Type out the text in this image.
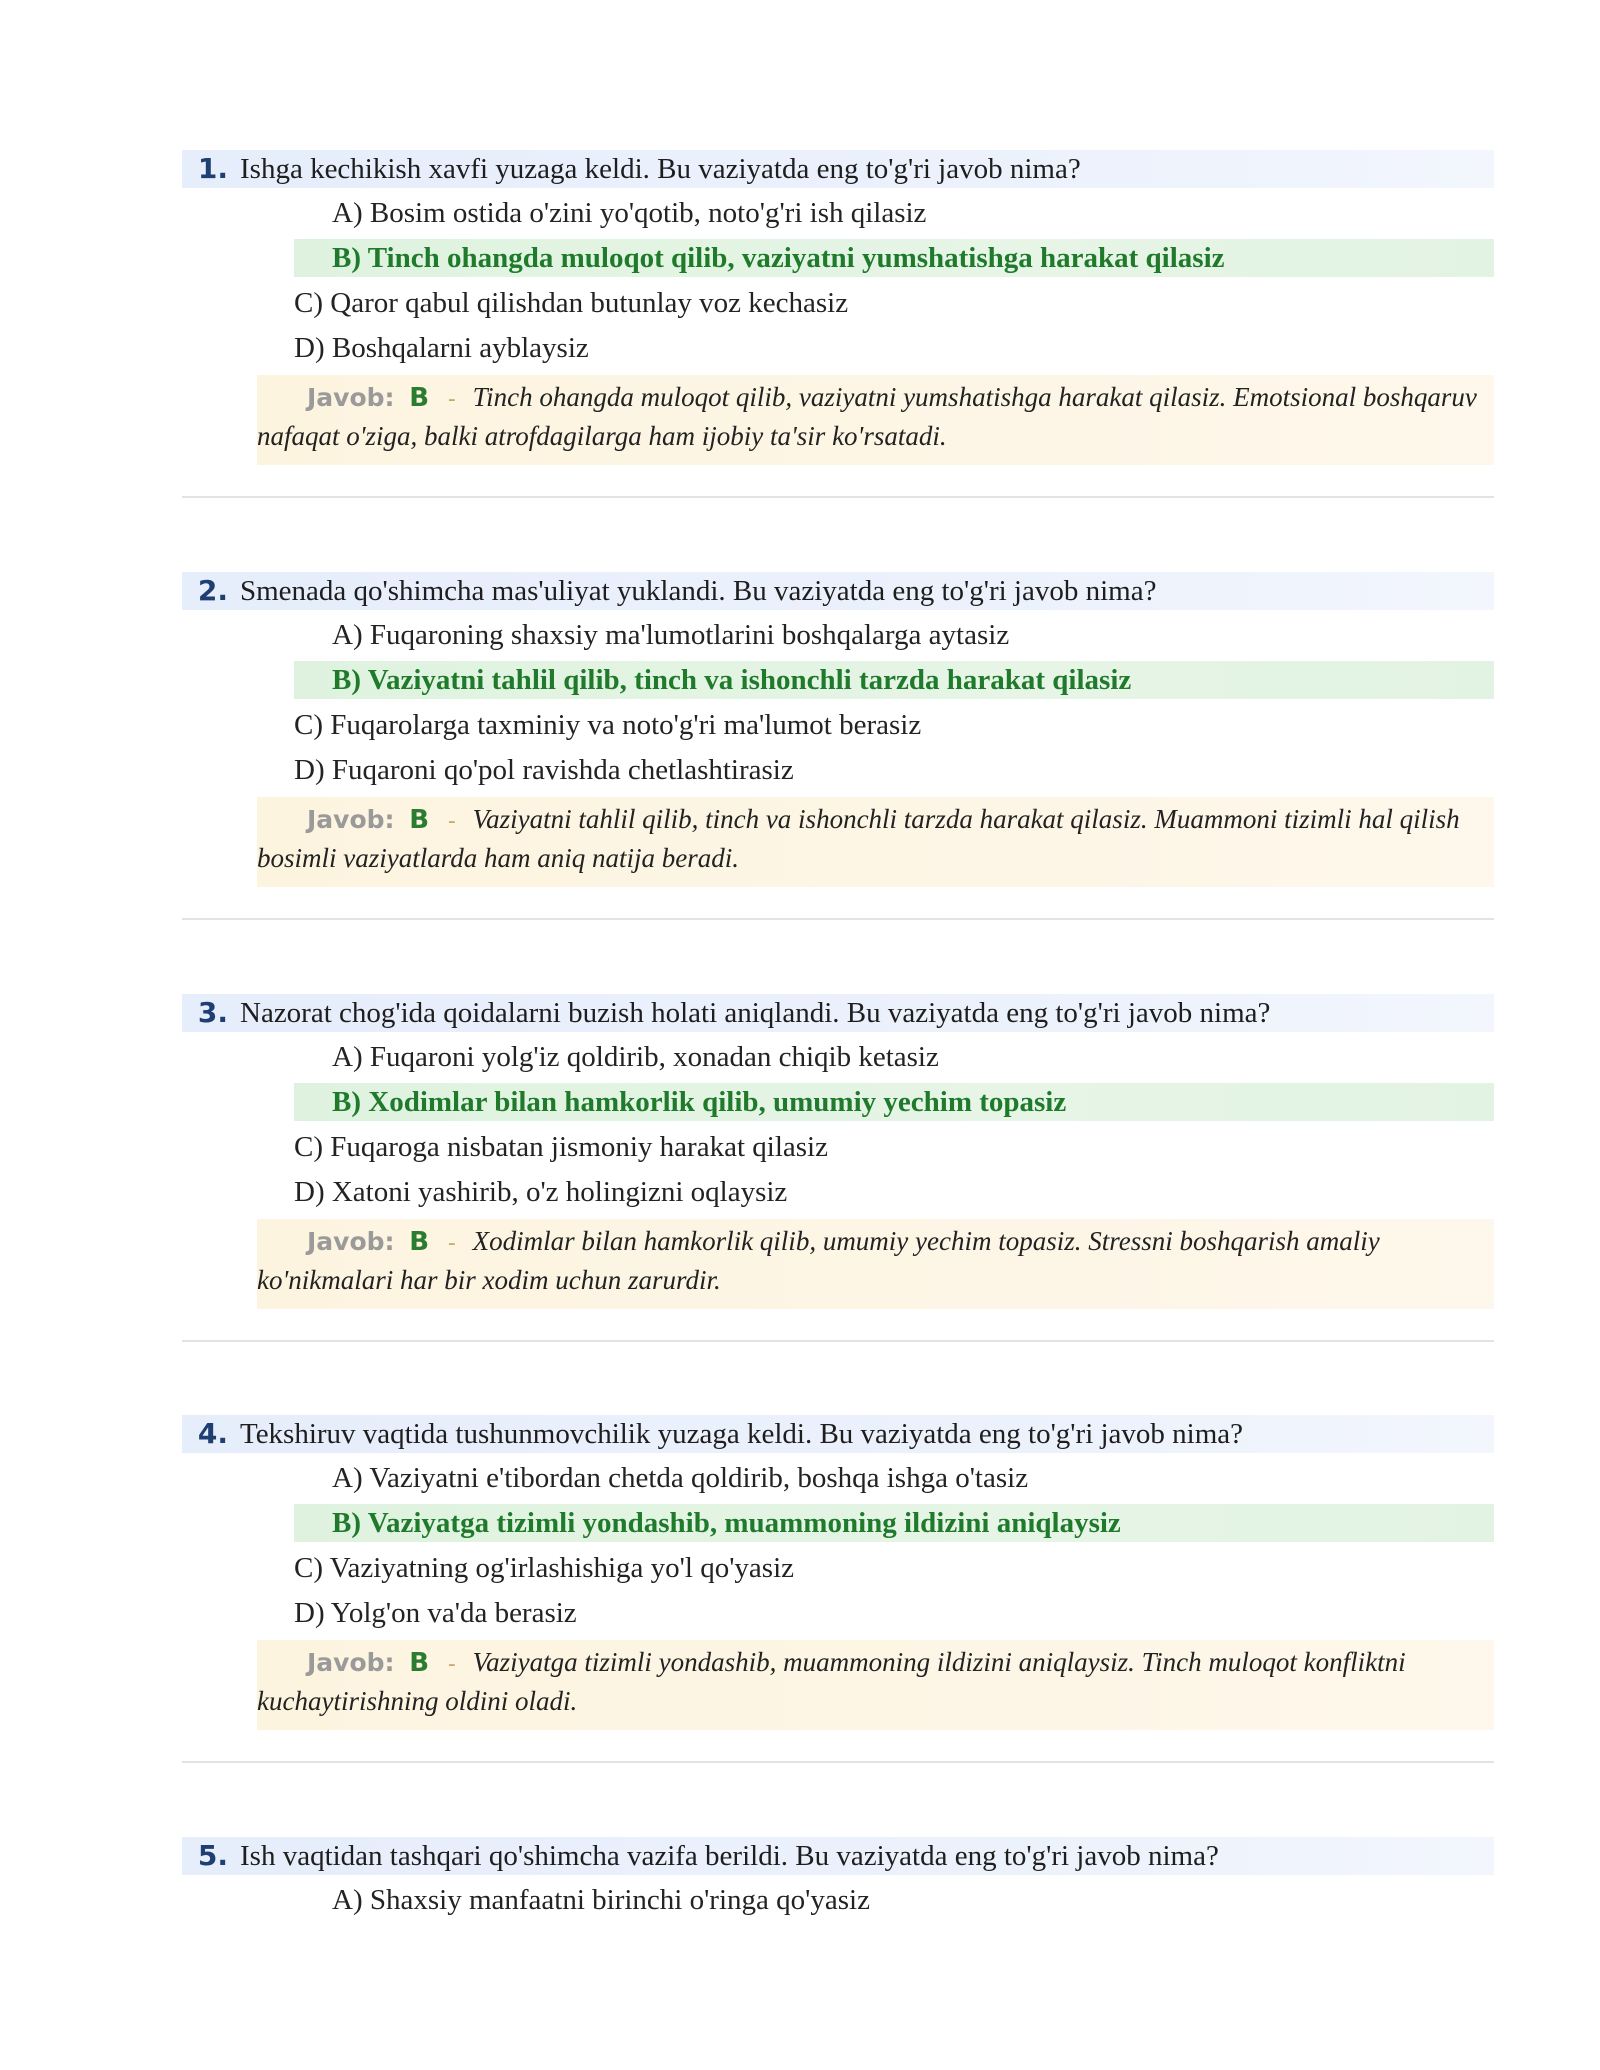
1. Ishga kechikish xavfi yuzaga keldi. Bu vaziyatda eng to'g'ri javob nima?
A) Bosim ostida o'zini yo'qotib, noto'g'ri ish qilasiz
B) Tinch ohangda muloqot qilib, vaziyatni yumshatishga harakat qilasiz
C) Qaror qabul qilishdan butunlay voz kechasiz
D) Boshqalarni ayblaysiz
Javob: B - Tinch ohangda muloqot qilib, vaziyatni yumshatishga harakat qilasiz. Emotsional boshqaruv nafaqat o'ziga, balki atrofdagilarga ham ijobiy ta'sir ko'rsatadi.
2. Smenada qo'shimcha mas'uliyat yuklandi. Bu vaziyatda eng to'g'ri javob nima?
A) Fuqaroning shaxsiy ma'lumotlarini boshqalarga aytasiz
B) Vaziyatni tahlil qilib, tinch va ishonchli tarzda harakat qilasiz
C) Fuqarolarga taxminiy va noto'g'ri ma'lumot berasiz
D) Fuqaroni qo'pol ravishda chetlashtirasiz
Javob: B - Vaziyatni tahlil qilib, tinch va ishonchli tarzda harakat qilasiz. Muammoni tizimli hal qilish bosimli vaziyatlarda ham aniq natija beradi.
3. Nazorat chog'ida qoidalarni buzish holati aniqlandi. Bu vaziyatda eng to'g'ri javob nima?
A) Fuqaroni yolg'iz qoldirib, xonadan chiqib ketasiz
B) Xodimlar bilan hamkorlik qilib, umumiy yechim topasiz
C) Fuqaroga nisbatan jismoniy harakat qilasiz
D) Xatoni yashirib, o'z holingizni oqlaysiz
Javob: B - Xodimlar bilan hamkorlik qilib, umumiy yechim topasiz. Stressni boshqarish amaliy ko'nikmalari har bir xodim uchun zarurdir.
4. Tekshiruv vaqtida tushunmovchilik yuzaga keldi. Bu vaziyatda eng to'g'ri javob nima?
A) Vaziyatni e'tibordan chetda qoldirib, boshqa ishga o'tasiz
B) Vaziyatga tizimli yondashib, muammoning ildizini aniqlaysiz
C) Vaziyatning og'irlashishiga yo'l qo'yasiz
D) Yolg'on va'da berasiz
Javob: B - Vaziyatga tizimli yondashib, muammoning ildizini aniqlaysiz. Tinch muloqot konfliktni kuchaytirishning oldini oladi.
5. Ish vaqtidan tashqari qo'shimcha vazifa berildi. Bu vaziyatda eng to'g'ri javob nima?
A) Shaxsiy manfaatni birinchi o'ringa qo'yasiz
